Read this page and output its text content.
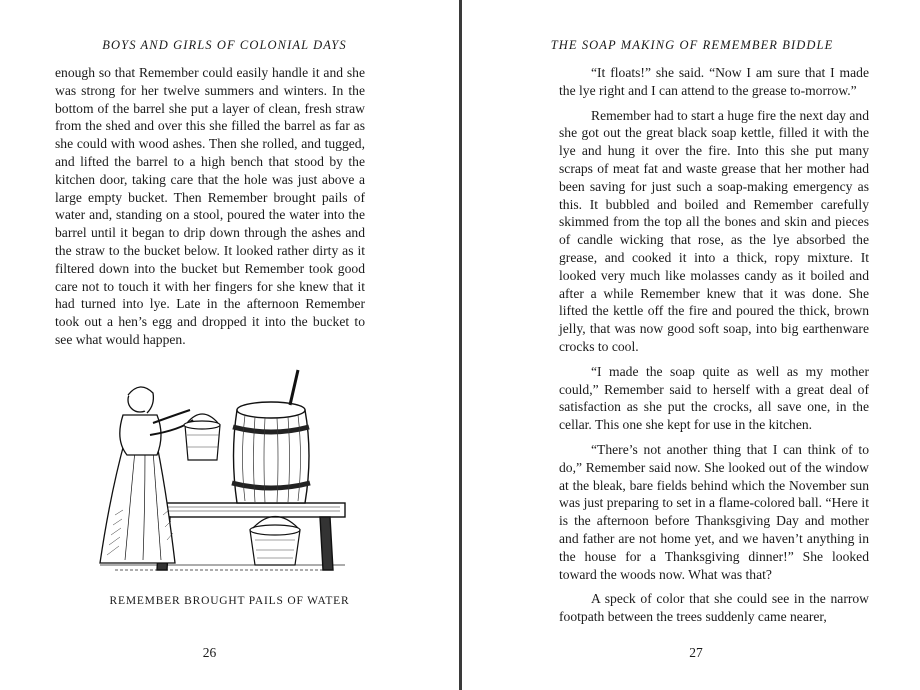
BOYS AND GIRLS OF COLONIAL DAYS

enough so that Remember could easily handle it and she was strong for her twelve summers and winters. In the bottom of the barrel she put a layer of clean, fresh straw from the shed and over this she filled the barrel as far as she could with wood ashes. Then she rolled, and tugged, and lifted the barrel to a high bench that stood by the kitchen door, taking care that the hole was just above a large empty bucket. Then Remember brought pails of water and, standing on a stool, poured the water into the barrel until it began to drip down through the ashes and the straw to the bucket below. It looked rather dirty as it filtered down into the bucket but Remember took good care not to touch it with her fingers for she knew that it had turned into lye. Late in the afternoon Remember took out a hen’s egg and dropped it into the bucket to see what would happen.

REMEMBER BROUGHT PAILS OF WATER
26
THE SOAP MAKING OF REMEMBER BIDDLE

“It floats!” she said. “Now I am sure that I made the lye right and I can attend to the grease to-morrow.”

Remember had to start a huge fire the next day and she got out the great black soap kettle, filled it with the lye and hung it over the fire. Into this she put many scraps of meat fat and waste grease that her mother had been saving for just such a soap-making emergency as this. It bubbled and boiled and Remember carefully skimmed from the top all the bones and skin and pieces of candle wicking that rose, as the lye absorbed the grease, and cooked it into a thick, ropy mixture. It looked very much like molasses candy as it boiled and after a while Remember knew that it was done. She lifted the kettle off the fire and poured the thick, brown jelly, that was now good soft soap, into big earthenware crocks to cool.

“I made the soap quite as well as my mother could,” Remember said to herself with a great deal of satisfaction as she put the crocks, all save one, in the cellar. This one she kept for use in the kitchen.

“There’s not another thing that I can think of to do,” Remember said now. She looked out of the window at the bleak, bare fields behind which the November sun was just preparing to set in a flame-colored ball. “Here it is the afternoon before Thanksgiving Day and mother and father are not home yet, and we haven’t anything in the house for a Thanksgiving dinner!” She looked toward the woods now. What was that?

A speck of color that she could see in the narrow footpath between the trees suddenly came nearer,

27
